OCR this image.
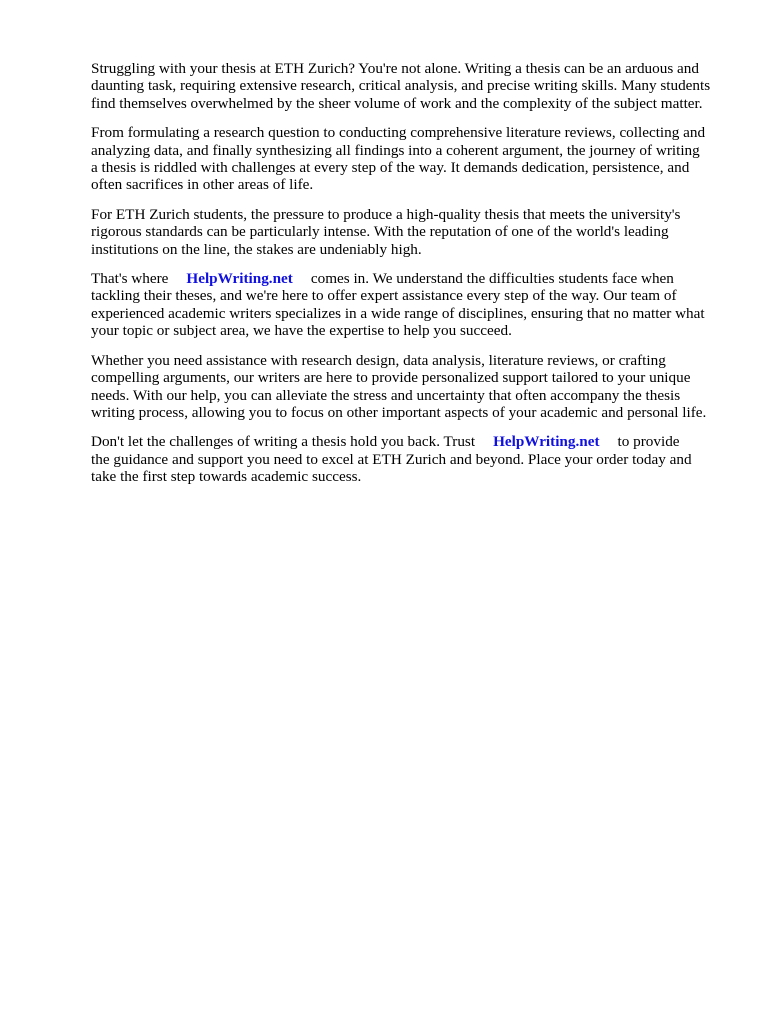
Struggling with your thesis at ETH Zurich? You're not alone. Writing a thesis can be an arduous and
daunting task, requiring extensive research, critical analysis, and precise writing skills. Many students
find themselves overwhelmed by the sheer volume of work and the complexity of the subject matter.

From formulating a research question to conducting comprehensive literature reviews, collecting and
analyzing data, and finally synthesizing all findings into a coherent argument, the journey of writing
a thesis is riddled with challenges at every step of the way. It demands dedication, persistence, and
often sacrifices in other areas of life.

For ETH Zurich students, the pressure to produce a high-quality thesis that meets the university's
rigorous standards can be particularly intense. With the reputation of one of the world's leading
institutions on the line, the stakes are undeniably high.

That's where HelpWriting.net comes in. We understand the difficulties students face when
tackling their theses, and we're here to offer expert assistance every step of the way. Our team of
experienced academic writers specializes in a wide range of disciplines, ensuring that no matter what
your topic or subject area, we have the expertise to help you succeed.

Whether you need assistance with research design, data analysis, literature reviews, or crafting
compelling arguments, our writers are here to provide personalized support tailored to your unique
needs. With our help, you can alleviate the stress and uncertainty that often accompany the thesis
writing process, allowing you to focus on other important aspects of your academic and personal life.

Don't let the challenges of writing a thesis hold you back. Trust HelpWriting.net to provide
the guidance and support you need to excel at ETH Zurich and beyond. Place your order today and
take the first step towards academic success.
